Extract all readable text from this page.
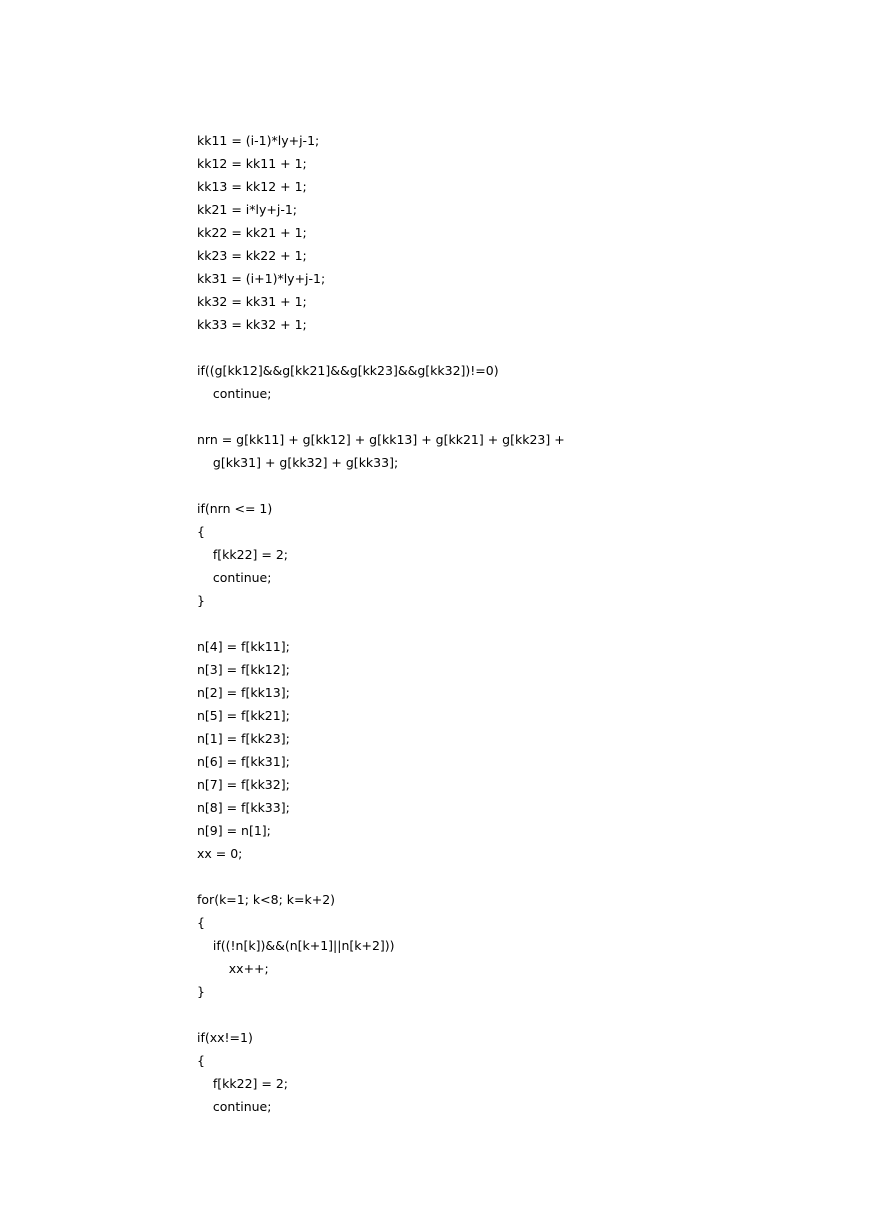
kk11 = (i-1)*ly+j-1;
kk12 = kk11 + 1;
kk13 = kk12 + 1;
kk21 = i*ly+j-1;
kk22 = kk21 + 1;
kk23 = kk22 + 1;
kk31 = (i+1)*ly+j-1;
kk32 = kk31 + 1;
kk33 = kk32 + 1;
if((g[kk12]&&g[kk21]&&g[kk23]&&g[kk32])!=0)
continue;
nrn = g[kk11] + g[kk12] + g[kk13] + g[kk21] + g[kk23] +
g[kk31] + g[kk32] + g[kk33];
if(nrn <= 1)
{
f[kk22] = 2;
continue;
}
n[4] = f[kk11];
n[3] = f[kk12];
n[2] = f[kk13];
n[5] = f[kk21];
n[1] = f[kk23];
n[6] = f[kk31];
n[7] = f[kk32];
n[8] = f[kk33];
n[9] = n[1];
xx = 0;
for(k=1; k<8; k=k+2)
{
if((!n[k])&&(n[k+1]||n[k+2]))
xx++;
}
if(xx!=1)
{
f[kk22] = 2;
continue;
